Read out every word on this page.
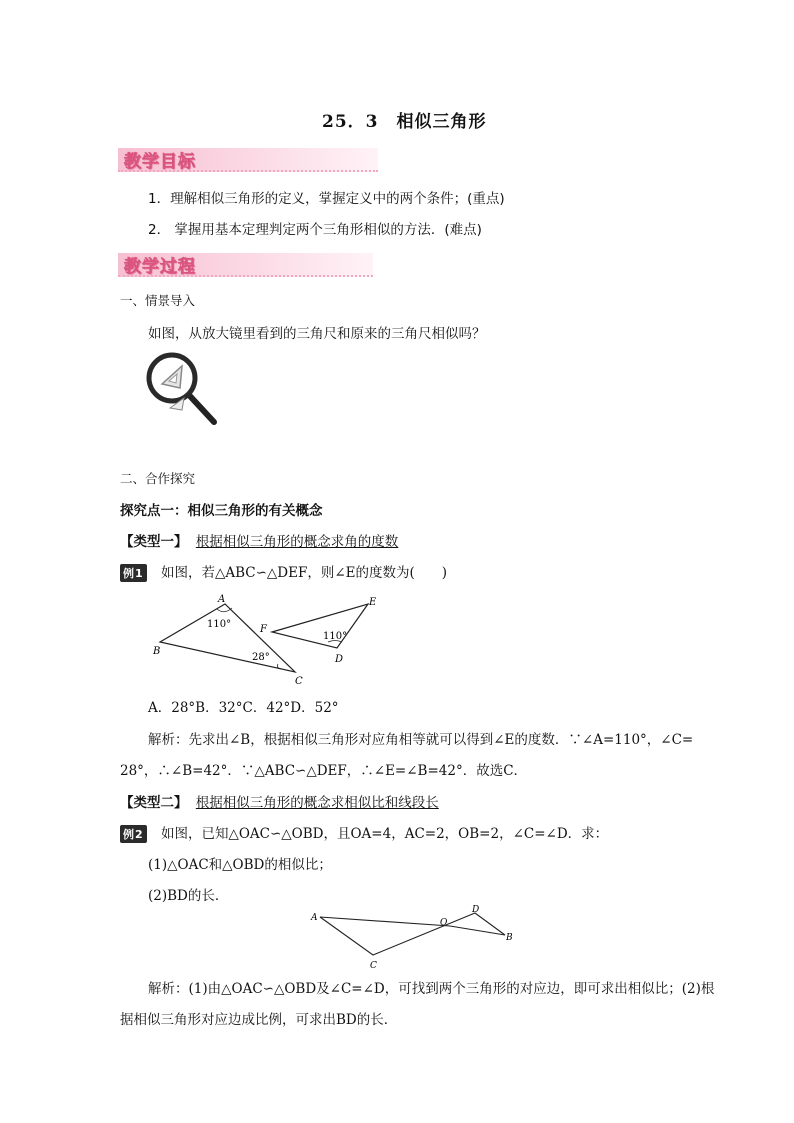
25．3　相似三角形
教学目标
1．理解相似三角形的定义，掌握定义中的两个条件；(重点)
2． 掌握用基本定理判定两个三角形相似的方法．(难点)
教学过程
一、情景导入
如图，从放大镜里看到的三角尺和原来的三角尺相似吗？
二、合作探究
探究点一：相似三角形的有关概念
【类型一】 根据相似三角形的概念求角的度数
例1 如图，若△ABC∽△DEF，则∠E的度数为(　　)
A
B
C
F
E
D
110°
28°
110°
A．28°B．32°C．42°D．52°
解析：先求出∠B，根据相似三角形对应角相等就可以得到∠E的度数．∵∠A=110°，∠C=
28°，∴∠B=42°．∵△ABC∽△DEF，∴∠E=∠B=42°．故选C．
【类型二】 根据相似三角形的概念求相似比和线段长
例2 如图，已知△OAC∽△OBD，且OA=4，AC=2，OB=2，∠C=∠D．求：
(1)△OAC和△OBD的相似比；
(2)BD的长．
A
C
O
D
B
解析：(1)由△OAC∽△OBD及∠C=∠D，可找到两个三角形的对应边，即可求出相似比；(2)根
据相似三角形对应边成比例，可求出BD的长．
